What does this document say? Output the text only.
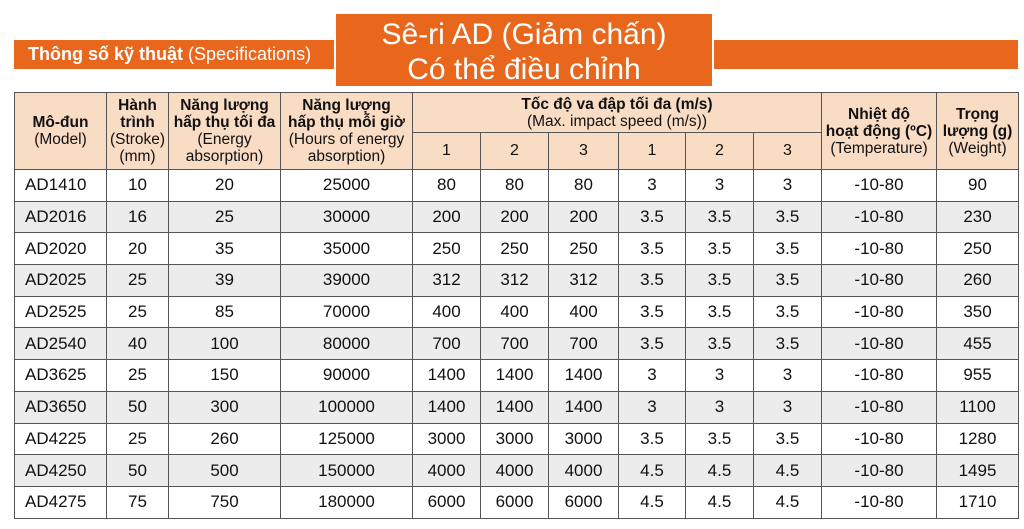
Thông số kỹ thuật (Specifications)
Sê-ri AD (Giảm chấn)
Có thể điều chỉnh
Mô-đun
(Model)	Hành
trình
(Stroke)
(mm)	Năng lượng
hấp thụ tối đa
(Energy
absorption)	Năng lượng
hấp thụ mỗi giờ
(Hours of energy
absorption)	Tốc độ va đập tối đa (m/s)
(Max. impact speed (m/s))						Nhiệt độ
hoạt động (ºC)
(Temperature)	Trọng
lượng (g)
(Weight)

				1	2	3	1	2	3		
AD1410	10	20	25000	80	80	80	3	3	3	-10-80	90
AD2016	16	25	30000	200	200	200	3.5	3.5	3.5	-10-80	230
AD2020	20	35	35000	250	250	250	3.5	3.5	3.5	-10-80	250
AD2025	25	39	39000	312	312	312	3.5	3.5	3.5	-10-80	260
AD2525	25	85	70000	400	400	400	3.5	3.5	3.5	-10-80	350
AD2540	40	100	80000	700	700	700	3.5	3.5	3.5	-10-80	455
AD3625	25	150	90000	1400	1400	1400	3	3	3	-10-80	955
AD3650	50	300	100000	1400	1400	1400	3	3	3	-10-80	1100
AD4225	25	260	125000	3000	3000	3000	3.5	3.5	3.5	-10-80	1280
AD4250	50	500	150000	4000	4000	4000	4.5	4.5	4.5	-10-80	1495
AD4275	75	750	180000	6000	6000	6000	4.5	4.5	4.5	-10-80	1710
